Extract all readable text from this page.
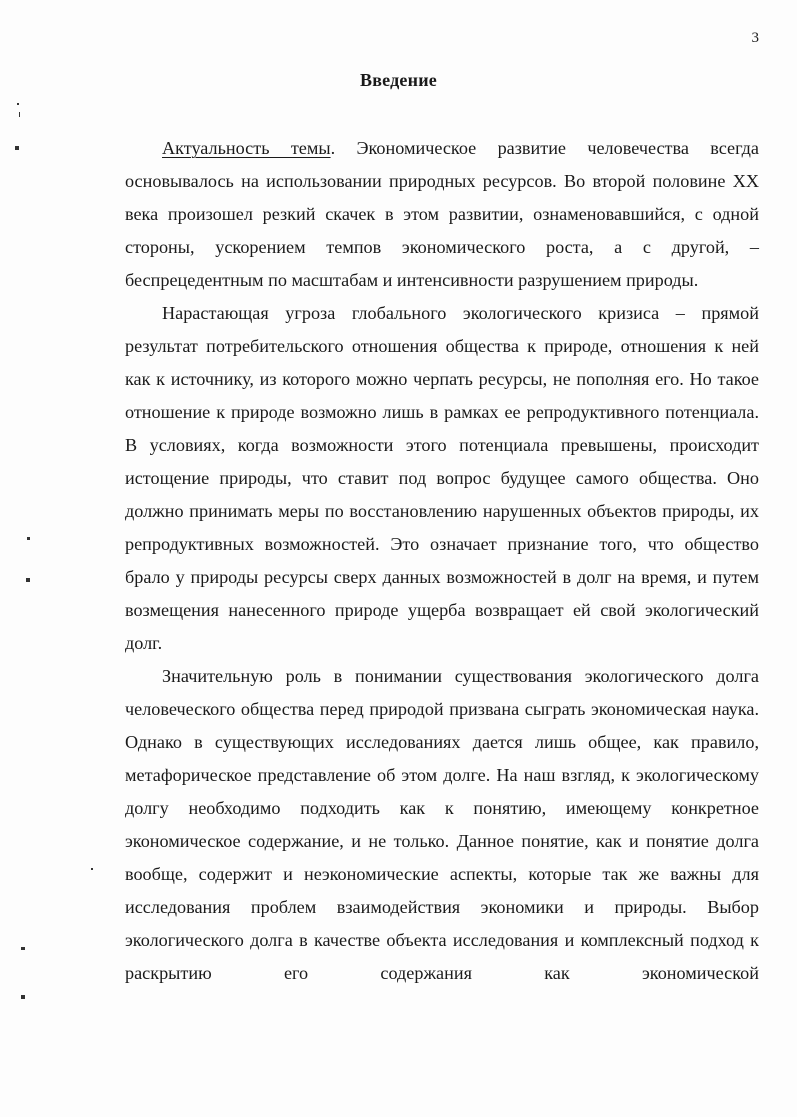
3
Введение

Актуальность темы. Экономическое развитие человечества всегда основывалось на использовании природных ресурсов. Во второй половине XX века произошел резкий скачек в этом развитии, ознаменовавшийся, с одной стороны, ускорением темпов экономического роста, а с другой, – беспрецедентным по масштабам и интенсивности разрушением природы.

Нарастающая угроза глобального экологического кризиса – прямой результат потребительского отношения общества к природе, отношения к ней как к источнику, из которого можно черпать ресурсы, не пополняя его. Но такое отношение к природе возможно лишь в рамках ее репродуктивного потенциала. В условиях, когда возможности этого потенциала превышены, происходит истощение природы, что ставит под вопрос будущее самого общества. Оно должно принимать меры по восстановлению нарушенных объектов природы, их репродуктивных возможностей. Это означает признание того, что общество брало у природы ресурсы сверх данных возможностей в долг на время, и путем возмещения нанесенного природе ущерба возвращает ей свой экологический долг.

Значительную роль в понимании существования экологического долга человеческого общества перед природой призвана сыграть экономическая наука. Однако в существующих исследованиях дается лишь общее, как правило, метафорическое представление об этом долге. На наш взгляд, к экологическому долгу необходимо подходить как к понятию, имеющему конкретное экономическое содержание, и не только. Данное понятие, как и понятие долга вообще, содержит и неэкономические аспекты, которые так же важны для исследования проблем взаимодействия экономики и природы. Выбор экологического долга в качестве объекта исследования и комплексный подход к раскрытию его содержания как экономической
